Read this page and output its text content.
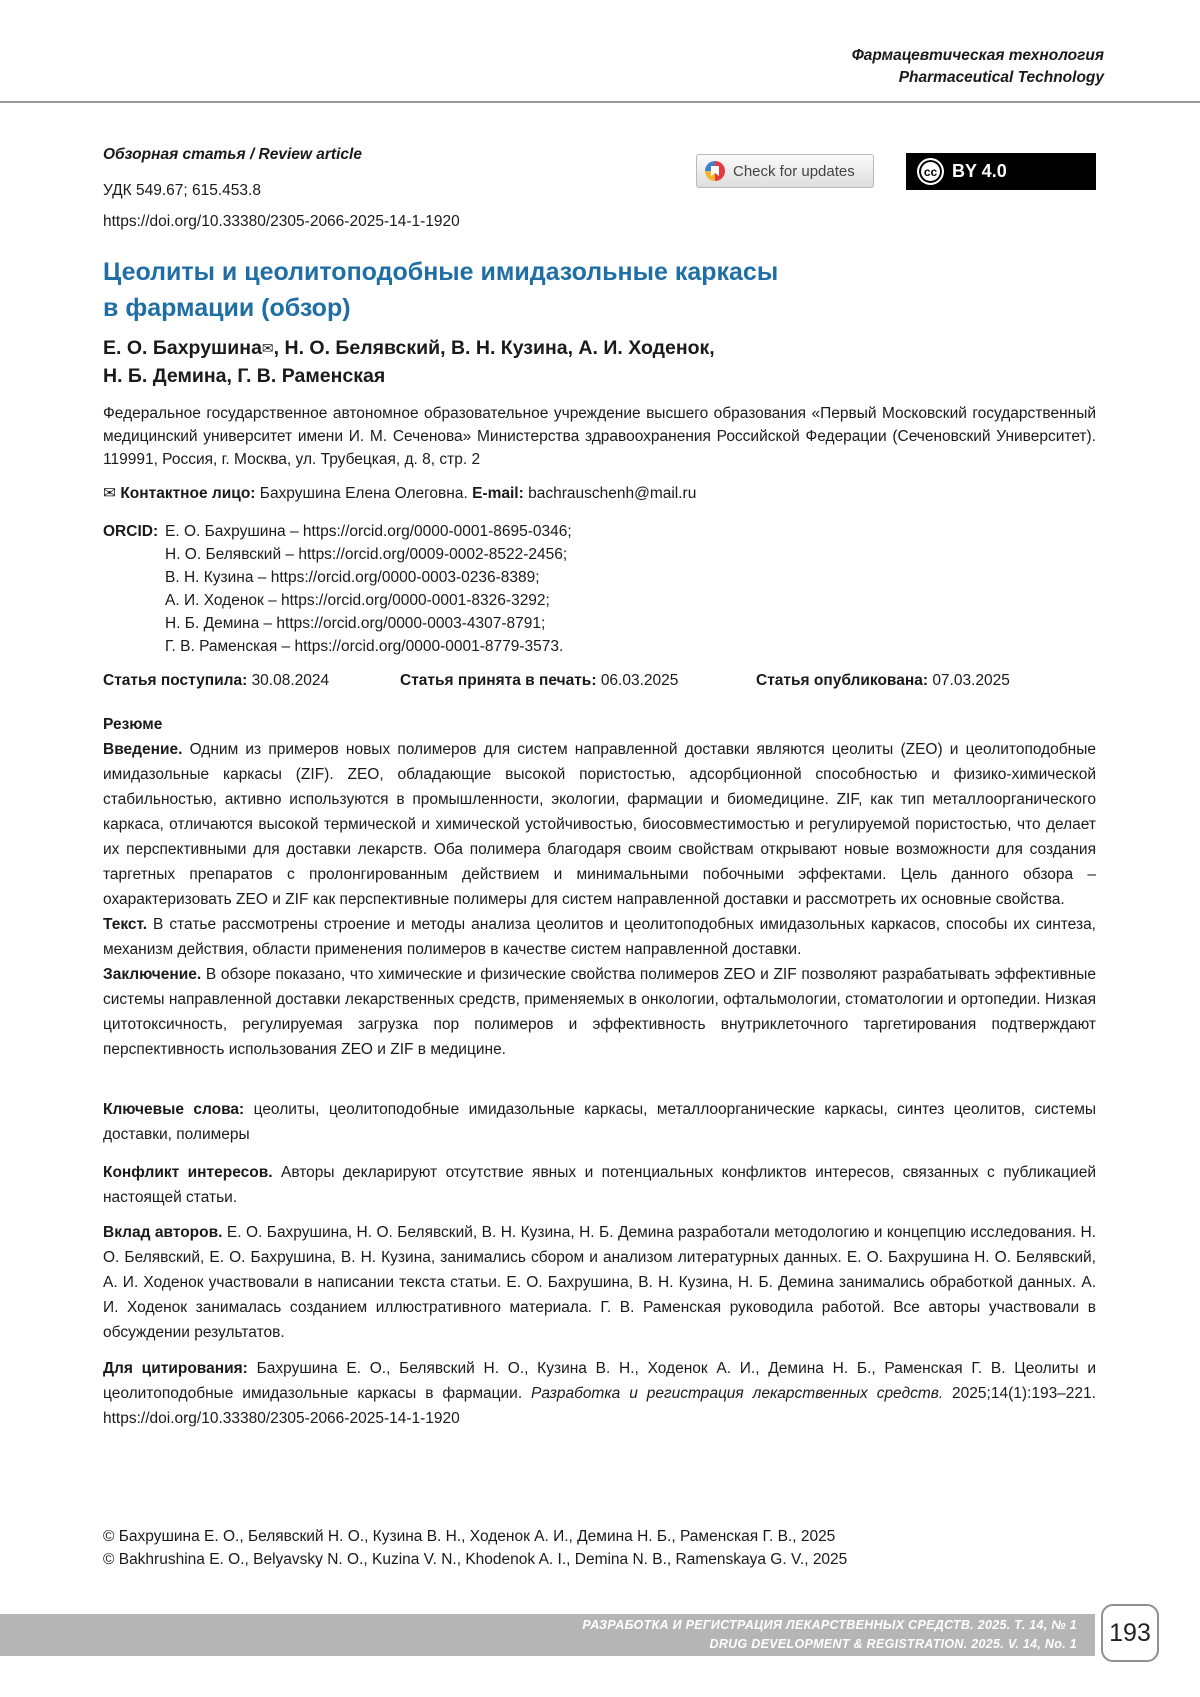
Фармацевтическая технология
Pharmaceutical Technology
Обзорная статья / Review article
УДК 549.67; 615.453.8
https://doi.org/10.33380/2305-2066-2025-14-1-1920
Check for updates	cc BY 4.0
Цеолиты и цеолитоподобные имидазольные каркасы
в фармации (обзор)
Е. О. Бахрушина✉, Н. О. Белявский, В. Н. Кузина, А. И. Ходенок,
Н. Б. Демина, Г. В. Раменская
Федеральное государственное автономное образовательное учреждение высшего образования «Первый Московский государственный медицинский университет имени И. М. Сеченова» Министерства здравоохранения Российской Федерации (Сеченовский Университет). 119991, Россия, г. Москва, ул. Трубецкая, д. 8, стр. 2
✉ Контактное лицо: Бахрушина Елена Олеговна. E-mail: bachrauschenh@mail.ru
ORCID: Е. О. Бахрушина – https://orcid.org/0000-0001-8695-0346;
Н. О. Белявский – https://orcid.org/0009-0002-8522-2456;
В. Н. Кузина – https://orcid.org/0000-0003-0236-8389;
А. И. Ходенок – https://orcid.org/0000-0001-8326-3292;
Н. Б. Демина – https://orcid.org/0000-0003-4307-8791;
Г. В. Раменская – https://orcid.org/0000-0001-8779-3573.
Статья поступила: 30.08.2024	Статья принята в печать: 06.03.2025	Статья опубликована: 07.03.2025

Резюме

Введение. Одним из примеров новых полимеров для систем направленной доставки являются цеолиты (ZEO) и цеолитоподобные имидазольные каркасы (ZIF). ZEO, обладающие высокой пористостью, адсорбционной способностью и физико-химической стабильностью, активно используются в промышленности, экологии, фармации и биомедицине. ZIF, как тип металлоорганического каркаса, отличаются высокой термической и химической устойчивостью, биосовместимостью и регулируемой пористостью, что делает их перспективными для доставки лекарств. Оба полимера благодаря своим свойствам открывают новые возможности для создания таргетных препаратов с пролонгированным действием и минимальными побочными эффектами. Цель данного обзора – охарактеризовать ZEO и ZIF как перспективные полимеры для систем направленной доставки и рассмотреть их основные свойства.

Текст. В статье рассмотрены строение и методы анализа цеолитов и цеолитоподобных имидазольных каркасов, способы их синтеза, механизм действия, области применения полимеров в качестве систем направленной доставки.

Заключение. В обзоре показано, что химические и физические свойства полимеров ZEO и ZIF позволяют разрабатывать эффективные системы направленной доставки лекарственных средств, применяемых в онкологии, офтальмологии, стоматологии и ортопедии. Низкая цитотоксичность, регулируемая загрузка пор полимеров и эффективность внутриклеточного таргетирования подтверждают перспективность использования ZEO и ZIF в медицине.

Ключевые слова: цеолиты, цеолитоподобные имидазольные каркасы, металлоорганические каркасы, синтез цеолитов, системы доставки, полимеры

Конфликт интересов. Авторы декларируют отсутствие явных и потенциальных конфликтов интересов, связанных с публикацией настоящей статьи.

Вклад авторов. Е. О. Бахрушина, Н. О. Белявский, В. Н. Кузина, Н. Б. Демина разработали методологию и концепцию исследования. Н. О. Белявский, Е. О. Бахрушина, В. Н. Кузина, занимались сбором и анализом литературных данных. Е. О. Бахрушина Н. О. Белявский, А. И. Ходенок участвовали в написании текста статьи. Е. О. Бахрушина, В. Н. Кузина, Н. Б. Демина занимались обработкой данных. А. И. Ходенок занималась созданием иллюстративного материала. Г. В. Раменская руководила работой. Все авторы участвовали в обсуждении результатов.

Для цитирования: Бахрушина Е. О., Белявский Н. О., Кузина В. Н., Ходенок А. И., Демина Н. Б., Раменская Г. В. Цеолиты и цеолитоподобные имидазольные каркасы в фармации. Разработка и регистрация лекарственных средств. 2025;14(1):193–221. https://doi.org/10.33380/2305-2066-2025-14-1-1920

© Бахрушина Е. О., Белявский Н. О., Кузина В. Н., Ходенок А. И., Демина Н. Б., Раменская Г. В., 2025
© Bakhrushina E. O., Belyavsky N. O., Kuzina V. N., Khodenok A. I., Demina N. B., Ramenskaya G. V., 2025
РАЗРАБОТКА И РЕГИСТРАЦИЯ ЛЕКАРСТВЕННЫХ СРЕДСТВ. 2025. Т. 14, № 1
DRUG DEVELOPMENT & REGISTRATION. 2025. V. 14, No. 1	193
